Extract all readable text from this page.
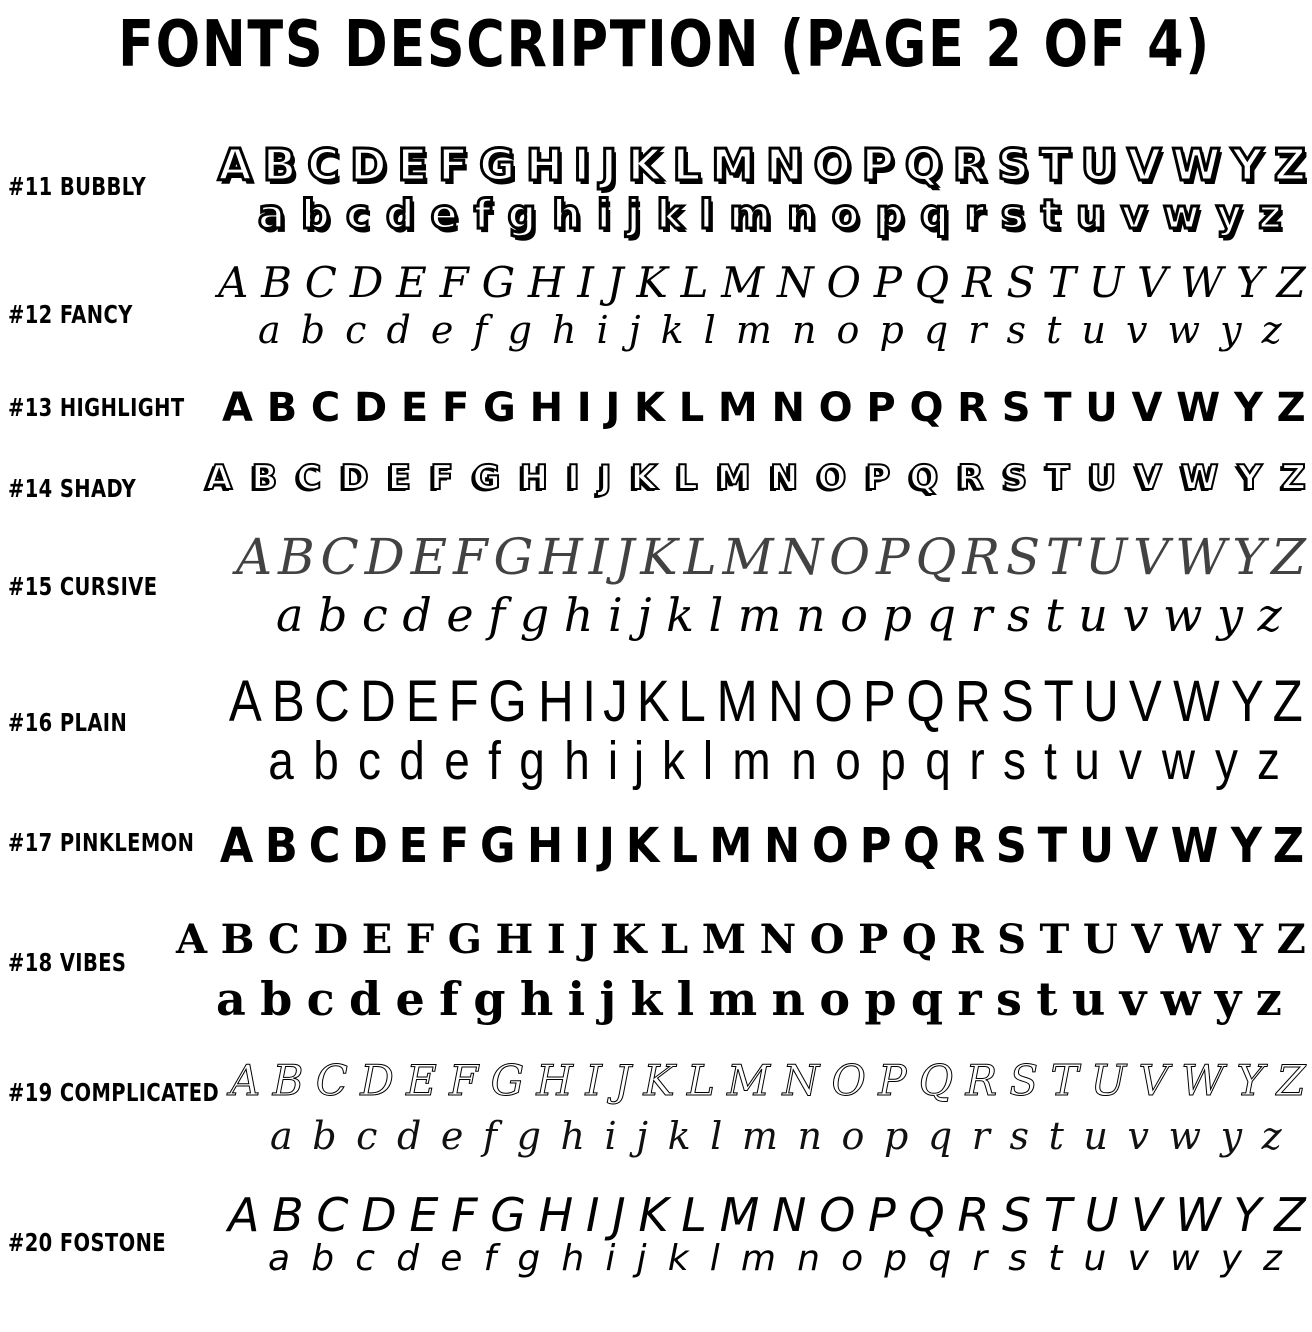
FONTS DESCRIPTION (PAGE 2 OF 4)
#11 BUBBLY A B C D E F G H I J K L M N O P Q R S T U V W Y Z
a b c d e f g h i j k l m n o p q r s t u v w y z
#12 FANCY
A B C D E F G H I J K L M N O P Q R S T U V W Y Z
a b c d e f g h i j k l m n o p q r s t u v w y z
#13 HIGHLIGHT A B C D E F G H I J K L M N O P Q R S T U V W Y Z
#14 SHADY A B C D E F G H I J K L M N O P Q R S T U V W Y Z
#15 CURSIVE
A B C D E F G H I J K L M N O P Q R S T U V W Y Z
a b c d e f g h i j k l m n o p q r s t u v w y z
#16 PLAIN A B C D E F G H I J K L M N O P Q R S T U V W Y Z
a b c d e f g h i j k l m n o p q r s t u v w y z
#17 PINKLEMON A B C D E F G H I J K L M N O P Q R S T U V W Y Z
#18 VIBES A B C D E F G H I J K L M N O P Q R S T U V W Y Z
a b c d e f g h i j k l m n o p q r s t u v w y z
#19 COMPLICATED A B C D E F G H I J K L M N O P Q R S T U V W Y Z
a b c d e f g h i j k l m n o p q r s t u v w y z
#20 FOSTONE
A B C D E F G H I J K L M N O P Q R S T U V W Y Z
a b c d e f g h i j k l m n o p q r s t u v w y z
